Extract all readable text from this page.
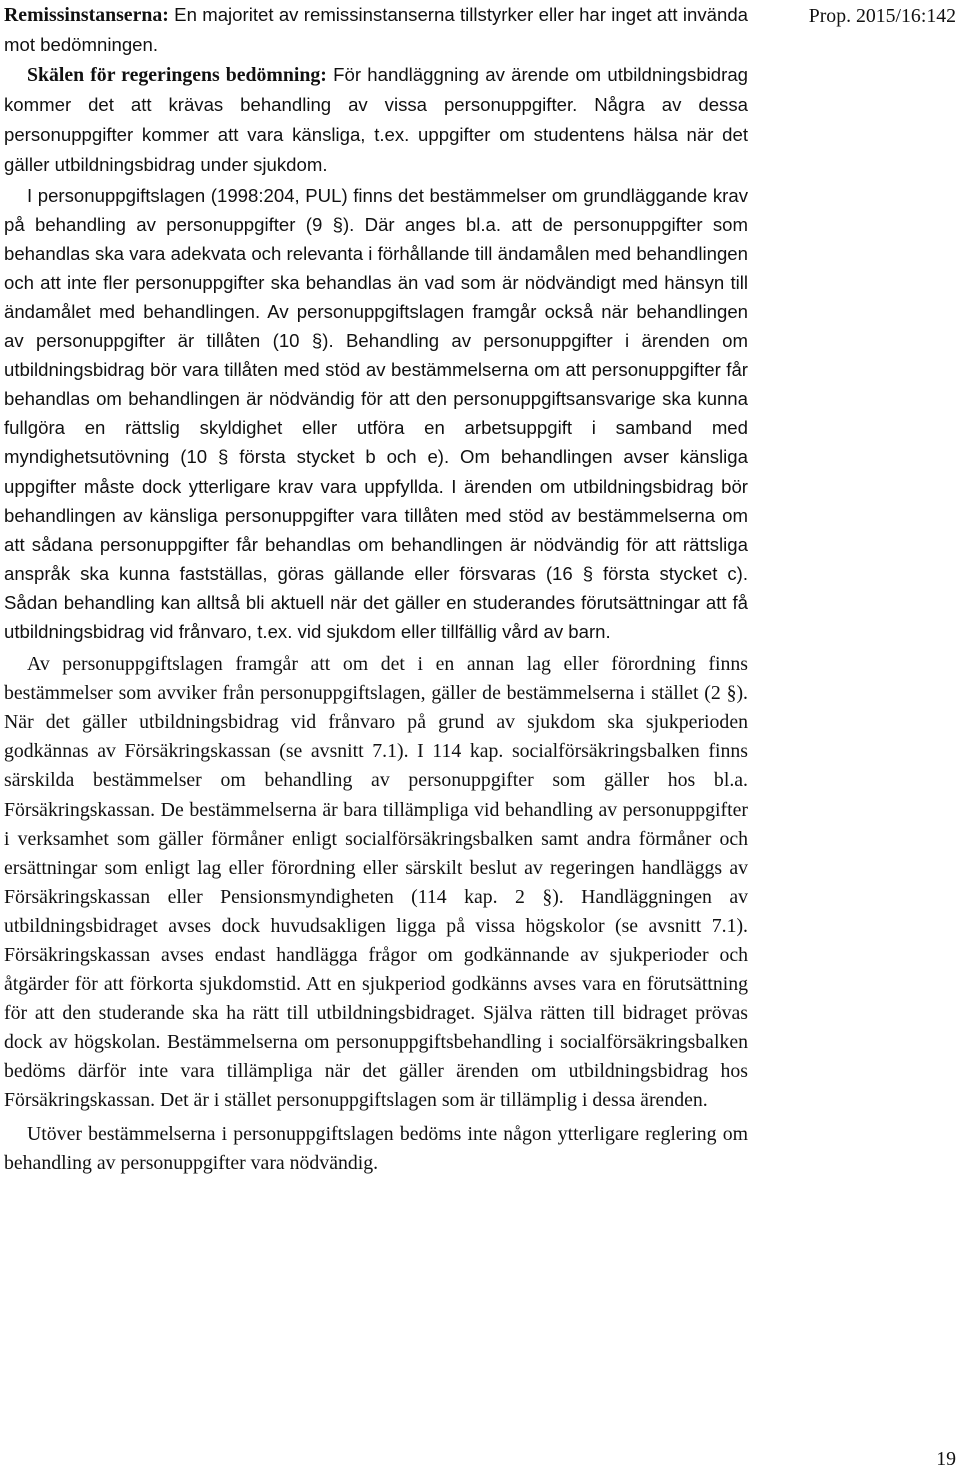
Prop. 2015/16:142

Remissinstanserna: En majoritet av remissinstanserna tillstyrker eller har inget att invända mot bedömningen.

Skälen för regeringens bedömning: För handläggning av ärende om utbildningsbidrag kommer det att krävas behandling av vissa personuppgifter. Några av dessa personuppgifter kommer att vara känsliga, t.ex. uppgifter om studentens hälsa när det gäller utbildningsbidrag under sjukdom.

I personuppgiftslagen (1998:204, PUL) finns det bestämmelser om grundläggande krav på behandling av personuppgifter (9 §). Där anges bl.a. att de personuppgifter som behandlas ska vara adekvata och relevanta i förhållande till ändamålen med behandlingen och att inte fler personuppgifter ska behandlas än vad som är nödvändigt med hänsyn till ändamålet med behandlingen. Av personuppgiftslagen framgår också när behandlingen av personuppgifter är tillåten (10 §). Behandling av personuppgifter i ärenden om utbildningsbidrag bör vara tillåten med stöd av bestämmelserna om att personuppgifter får behandlas om behandlingen är nödvändig för att den personuppgiftsansvarige ska kunna fullgöra en rättslig skyldighet eller utföra en arbetsuppgift i samband med myndighetsutövning (10 § första stycket b och e). Om behandlingen avser känsliga uppgifter måste dock ytterligare krav vara uppfyllda. I ärenden om utbildningsbidrag bör behandlingen av känsliga personuppgifter vara tillåten med stöd av bestämmelserna om att sådana personuppgifter får behandlas om behandlingen är nödvändig för att rättsliga anspråk ska kunna fastställas, göras gällande eller försvaras (16 § första stycket c). Sådan behandling kan alltså bli aktuell när det gäller en studerandes förutsättningar att få utbildningsbidrag vid frånvaro, t.ex. vid sjukdom eller tillfällig vård av barn.

Av personuppgiftslagen framgår att om det i en annan lag eller förordning finns bestämmelser som avviker från personuppgiftslagen, gäller de bestämmelserna i stället (2 §). När det gäller utbildningsbidrag vid frånvaro på grund av sjukdom ska sjukperioden godkännas av Försäkringskassan (se avsnitt 7.1). I 114 kap. socialförsäkringsbalken finns särskilda bestämmelser om behandling av personuppgifter som gäller hos bl.a. Försäkringskassan. De bestämmelserna är bara tillämpliga vid behandling av personuppgifter i verksamhet som gäller förmåner enligt socialförsäkringsbalken samt andra förmåner och ersättningar som enligt lag eller förordning eller särskilt beslut av regeringen handläggs av Försäkringskassan eller Pensionsmyndigheten (114 kap. 2 §). Handläggningen av utbildningsbidraget avses dock huvudsakligen ligga på vissa högskolor (se avsnitt 7.1). Försäkringskassan avses endast handlägga frågor om godkännande av sjukperioder och åtgärder för att förkorta sjukdomstid. Att en sjukperiod godkänns avses vara en förutsättning för att den studerande ska ha rätt till utbildningsbidraget. Själva rätten till bidraget prövas dock av högskolan. Bestämmelserna om personuppgiftsbehandling i socialförsäkringsbalken bedöms därför inte vara tillämpliga när det gäller ärenden om utbildningsbidrag hos Försäkringskassan. Det är i stället personuppgiftslagen som är tillämplig i dessa ärenden.

Utöver bestämmelserna i personuppgiftslagen bedöms inte någon ytterligare reglering om behandling av personuppgifter vara nödvändig.

19
